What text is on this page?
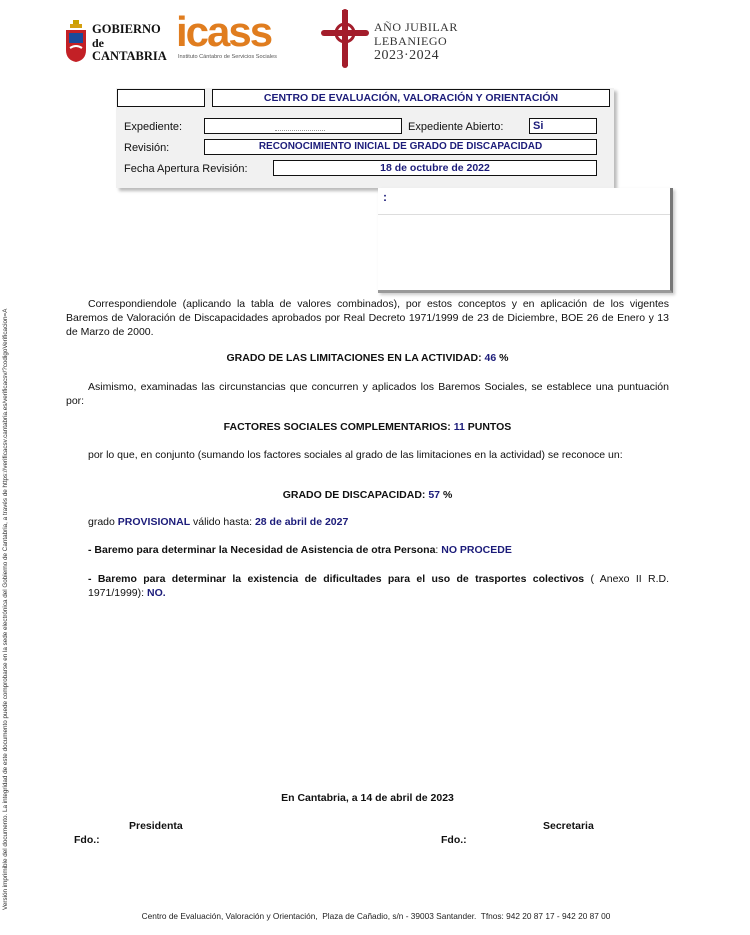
GOBIERNO
de
CANTABRIA
icass
Instituto Cántabro de Servicios Sociales
AÑO JUBILAR
LEBANIEGO
2023·2024
CENTRO DE EVALUACIÓN, VALORACIÓN Y ORIENTACIÓN
Expediente:	Expediente Abierto:	Si
Revisión:	RECONOCIMIENTO INICIAL DE GRADO DE DISCAPACIDAD
Fecha Apertura Revisión:	18 de octubre de 2022
:
Correspondiendole (aplicando la tabla de valores combinados), por estos conceptos y en aplicación de los vigentes Baremos de Valoración de Discapacidades aprobados por Real Decreto 1971/1999 de 23 de Diciembre, BOE 26 de Enero y 13 de Marzo de 2000.
GRADO DE LAS LIMITACIONES EN LA ACTIVIDAD: 46 %
Asimismo, examinadas las circunstancias que concurren y aplicados los Baremos Sociales, se establece una puntuación por:
FACTORES SOCIALES COMPLEMENTARIOS: 11 PUNTOS
por lo que, en conjunto (sumando los factores sociales al grado de las limitaciones en la actividad) se reconoce un:
GRADO DE DISCAPACIDAD: 57 %
grado PROVISIONAL válido hasta: 28 de abril de 2027
- Baremo para determinar la Necesidad de Asistencia de otra Persona: NO PROCEDE
- Baremo para determinar la existencia de dificultades para el uso de trasportes colectivos ( Anexo II R.D. 1971/1999): NO.
En Cantabria, a 14 de abril de 2023
Presidenta	Secretaria
Fdo.:	Fdo.:
Centro de Evaluación, Valoración y Orientación,  Plaza de Cañadio, s/n - 39003 Santander.  Tfnos: 942 20 87 17 - 942 20 87 00
Versión imprimible del documento. La integridad de este documento puede comprobarse en la sede electrónica del Gobierno de Cantabria, a través de https://verificacsv.cantabria.es/verificacsv/?codigoVerificacion=A
